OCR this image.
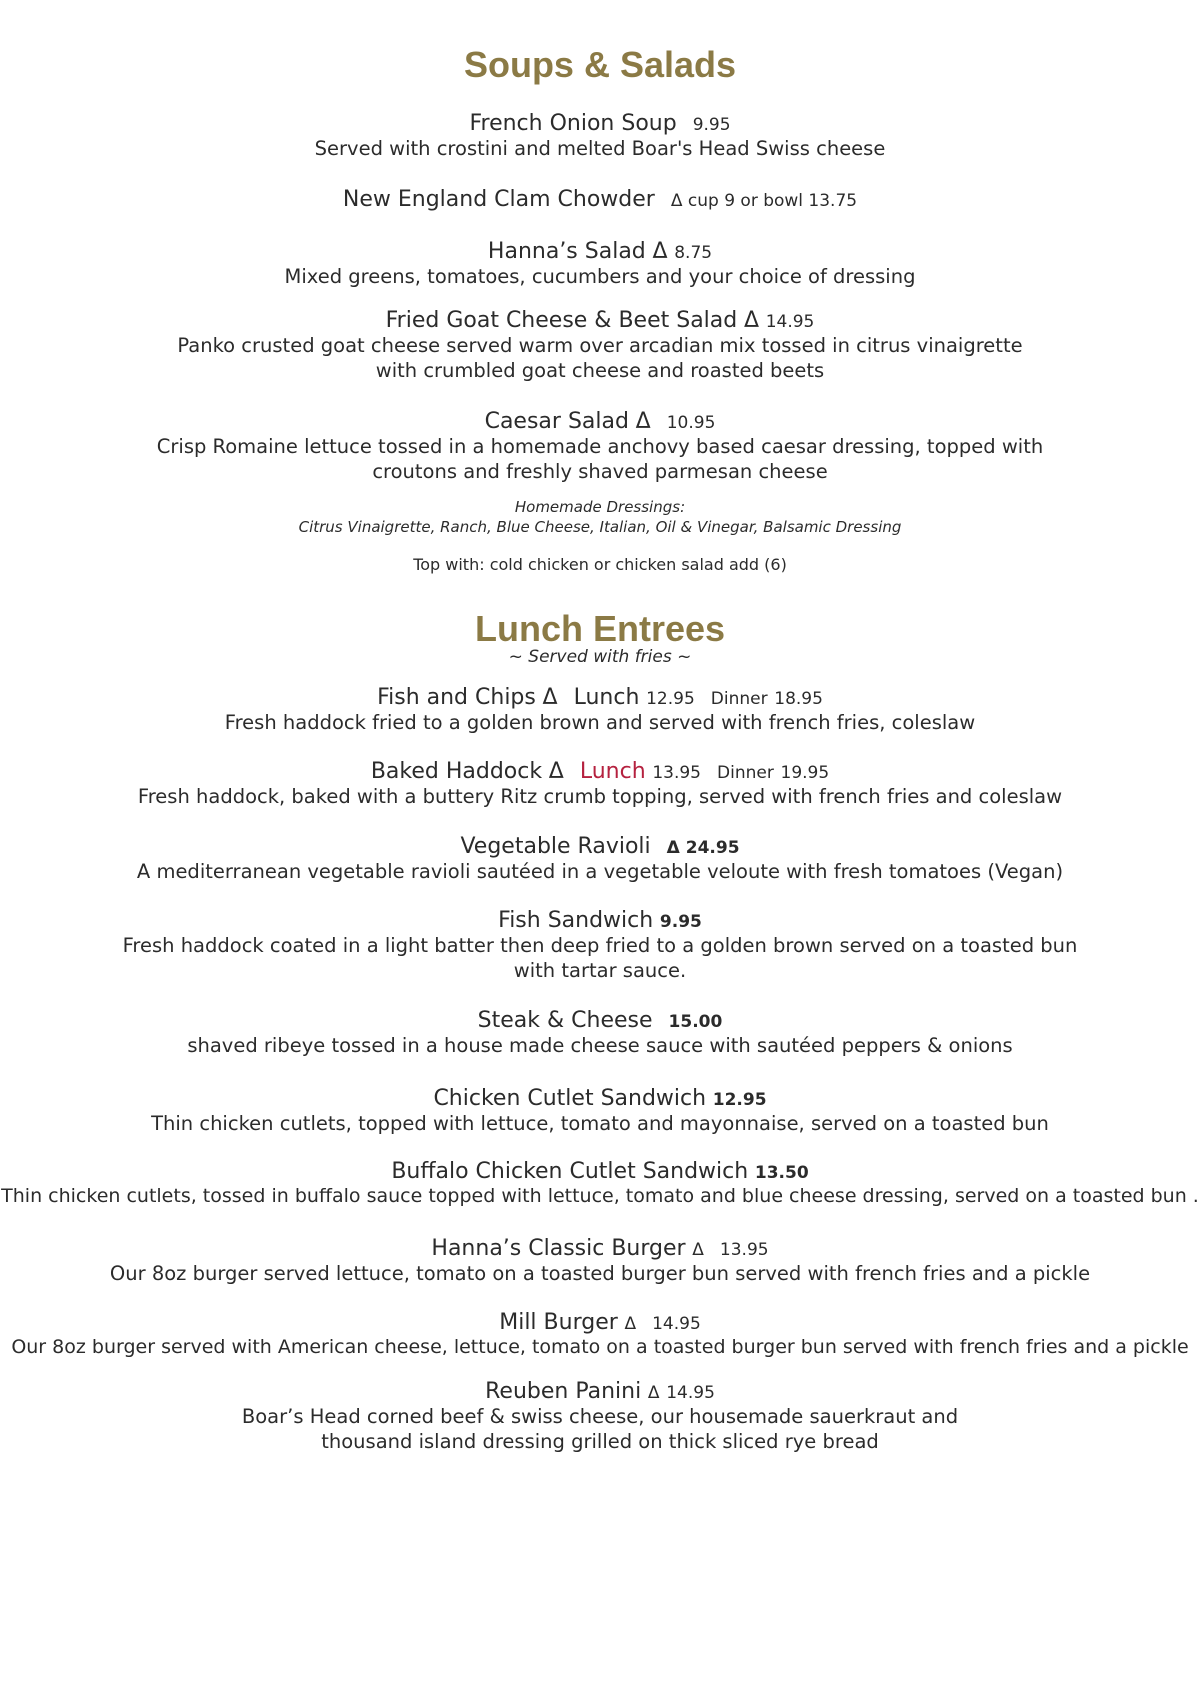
Soups & Salads
French Onion Soup 9.95
Served with crostini and melted Boar's Head Swiss cheese
New England Clam Chowder Δ cup 9 or bowl 13.75
Hanna’s Salad Δ 8.75
Mixed greens, tomatoes, cucumbers and your choice of dressing
Fried Goat Cheese & Beet Salad Δ 14.95
Panko crusted goat cheese served warm over arcadian mix tossed in citrus vinaigrette
with crumbled goat cheese and roasted beets
Caesar Salad Δ 10.95
Crisp Romaine lettuce tossed in a homemade anchovy based caesar dressing, topped with
croutons and freshly shaved parmesan cheese
Homemade Dressings:
Citrus Vinaigrette, Ranch, Blue Cheese, Italian, Oil & Vinegar, Balsamic Dressing
Top with: cold chicken or chicken salad add (6)
Lunch Entrees
~ Served with fries ~
Fish and Chips Δ Lunch 12.95 Dinner 18.95
Fresh haddock fried to a golden brown and served with french fries, coleslaw
Baked Haddock Δ Lunch 13.95 Dinner 19.95
Fresh haddock, baked with a buttery Ritz crumb topping, served with french fries and coleslaw
Vegetable Ravioli Δ 24.95
A mediterranean vegetable ravioli sautéed in a vegetable veloute with fresh tomatoes (Vegan)
Fish Sandwich 9.95
Fresh haddock coated in a light batter then deep fried to a golden brown served on a toasted bun
with tartar sauce.
Steak & Cheese 15.00
shaved ribeye tossed in a house made cheese sauce with sautéed peppers & onions
Chicken Cutlet Sandwich 12.95
Thin chicken cutlets, topped with lettuce, tomato and mayonnaise, served on a toasted bun
Buffalo Chicken Cutlet Sandwich 13.50
Thin chicken cutlets, tossed in buffalo sauce topped with lettuce, tomato and blue cheese dressing, served on a toasted bun .
Hanna’s Classic Burger Δ 13.95
Our 8oz burger served lettuce, tomato on a toasted burger bun served with french fries and a pickle
Mill Burger Δ 14.95
Our 8oz burger served with American cheese, lettuce, tomato on a toasted burger bun served with french fries and a pickle
Reuben Panini Δ 14.95
Boar’s Head corned beef & swiss cheese, our housemade sauerkraut and
thousand island dressing grilled on thick sliced rye bread
